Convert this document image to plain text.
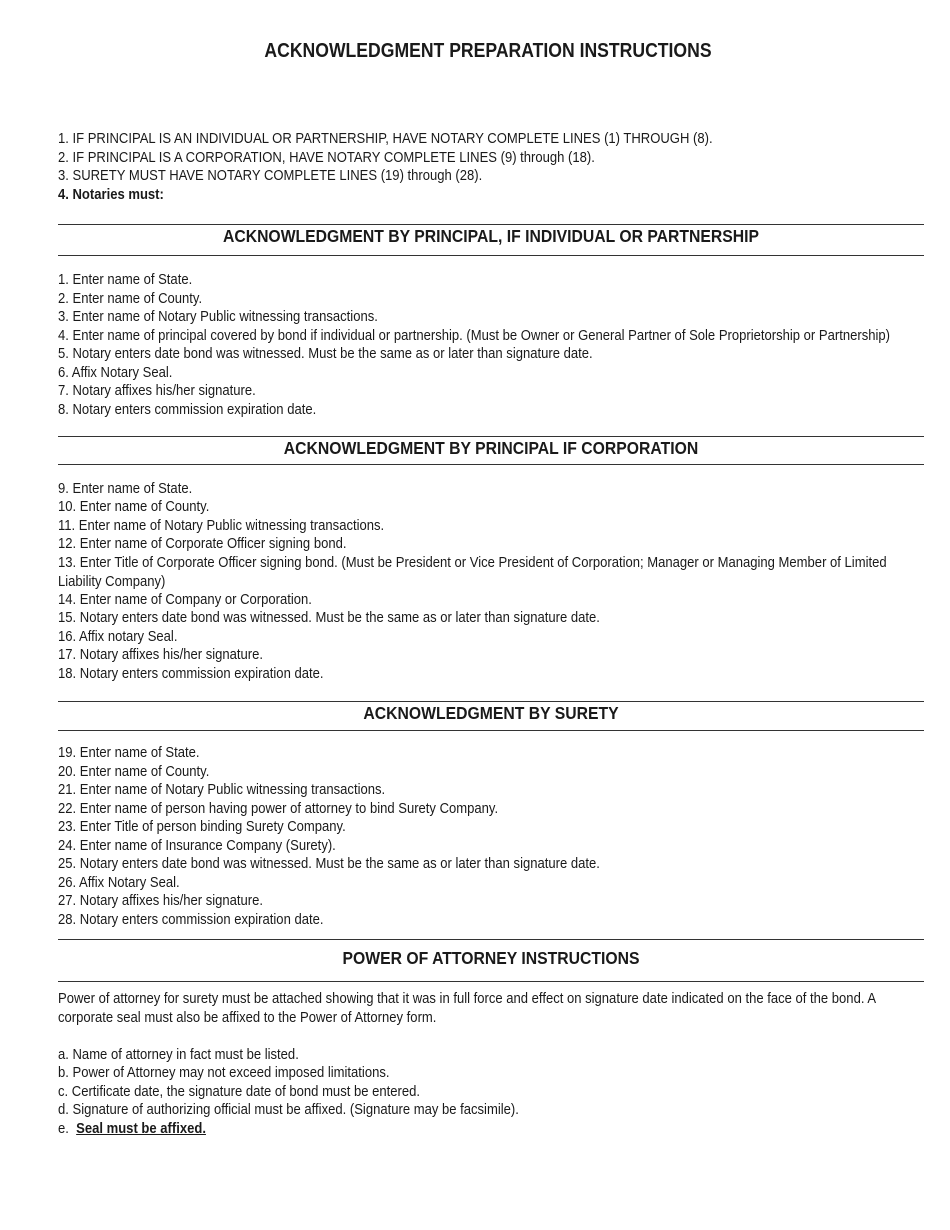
ACKNOWLEDGMENT PREPARATION INSTRUCTIONS
1. IF PRINCIPAL IS AN INDIVIDUAL OR PARTNERSHIP, HAVE NOTARY COMPLETE LINES (1) THROUGH (8).
2. IF PRINCIPAL IS A CORPORATION, HAVE NOTARY COMPLETE LINES (9) through (18).
3. SURETY MUST HAVE NOTARY COMPLETE LINES (19) through (28).
4. Notaries must:
ACKNOWLEDGMENT BY PRINCIPAL, IF INDIVIDUAL OR PARTNERSHIP
1. Enter name of State.
2. Enter name of County.
3. Enter name of Notary Public witnessing transactions.
4. Enter name of principal covered by bond if individual or partnership. (Must be Owner or General Partner of Sole Proprietorship or Partnership)
5. Notary enters date bond was witnessed. Must be the same as or later than signature date.
6. Affix Notary Seal.
7. Notary affixes his/her signature.
8. Notary enters commission expiration date.
ACKNOWLEDGMENT BY PRINCIPAL IF CORPORATION
9. Enter name of State.
10. Enter name of County.
11. Enter name of Notary Public witnessing transactions.
12. Enter name of Corporate Officer signing bond.
13. Enter Title of Corporate Officer signing bond. (Must be President or Vice President of Corporation; Manager or Managing Member of Limited Liability Company)
14. Enter name of Company or Corporation.
15. Notary enters date bond was witnessed. Must be the same as or later than signature date.
16. Affix notary Seal.
17. Notary affixes his/her signature.
18. Notary enters commission expiration date.
ACKNOWLEDGMENT BY SURETY
19. Enter name of State.
20. Enter name of County.
21. Enter name of Notary Public witnessing transactions.
22. Enter name of person having power of attorney to bind Surety Company.
23. Enter Title of person binding Surety Company.
24. Enter name of Insurance Company (Surety).
25. Notary enters date bond was witnessed. Must be the same as or later than signature date.
26. Affix Notary Seal.
27. Notary affixes his/her signature.
28. Notary enters commission expiration date.
POWER OF ATTORNEY INSTRUCTIONS
Power of attorney for surety must be attached showing that it was in full force and effect on signature date indicated on the face of the bond. A corporate seal must also be affixed to the Power of Attorney form.
a. Name of attorney in fact must be listed.
b. Power of Attorney may not exceed imposed limitations.
c. Certificate date, the signature date of bond must be entered.
d. Signature of authorizing official must be affixed. (Signature may be facsimile).
e.  Seal must be affixed.
